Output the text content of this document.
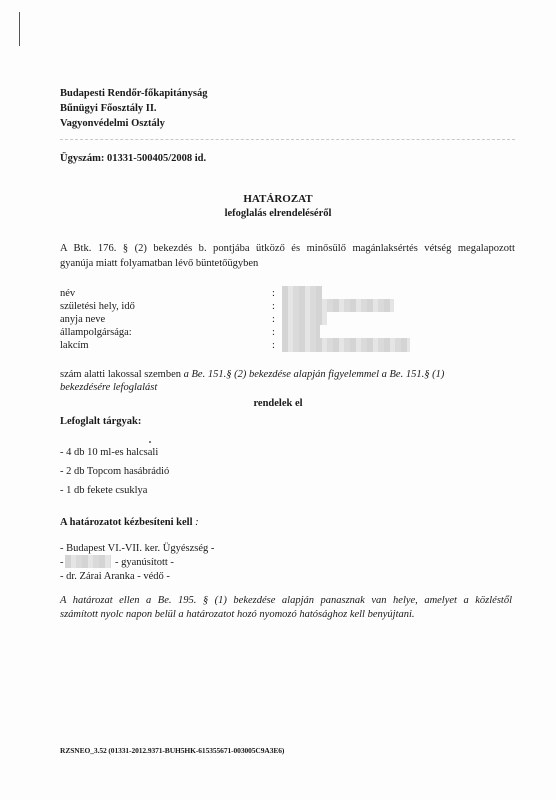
Budapesti Rendőr-főkapitányság
Bűnügyi Főosztály II.
Vagyonvédelmi Osztály
Ügyszám: 01331-500405/2008 id.
HATÁROZAT
lefoglalás elrendeléséről
A Btk. 176. § (2) bekezdés b. pontjába ütköző és minősülő magánlaksértés vétség megalapozott
gyanúja miatt folyamatban lévő büntetőügyben
név
születési hely, idő
anyja neve
állampolgársága:
lakcím
:
:
:
:
:
szám alatti lakossal szemben a Be. 151.§ (2) bekezdése alapján figyelemmel a Be. 151.§ (1)
bekezdésére lefoglalást
rendelek el
Lefoglalt tárgyak:
- 4 db 10 ml-es halcsali
- 2 db Topcom hasábrádió
- 1 db fekete csuklya
A határozatot kézbesíteni kell :
- Budapest VI.-VII. ker. Ügyészség -
-	- gyanúsított -
- dr. Zárai Aranka - védő -
A határozat ellen a Be. 195. § (1) bekezdése alapján panasznak van helye, amelyet a közléstől
számított nyolc napon belül a határozatot hozó nyomozó hatósághoz kell benyújtani.
RZSNEO_3.52 (01331-2012.9371-BUH5HK-615355671-003005C9A3E6)
